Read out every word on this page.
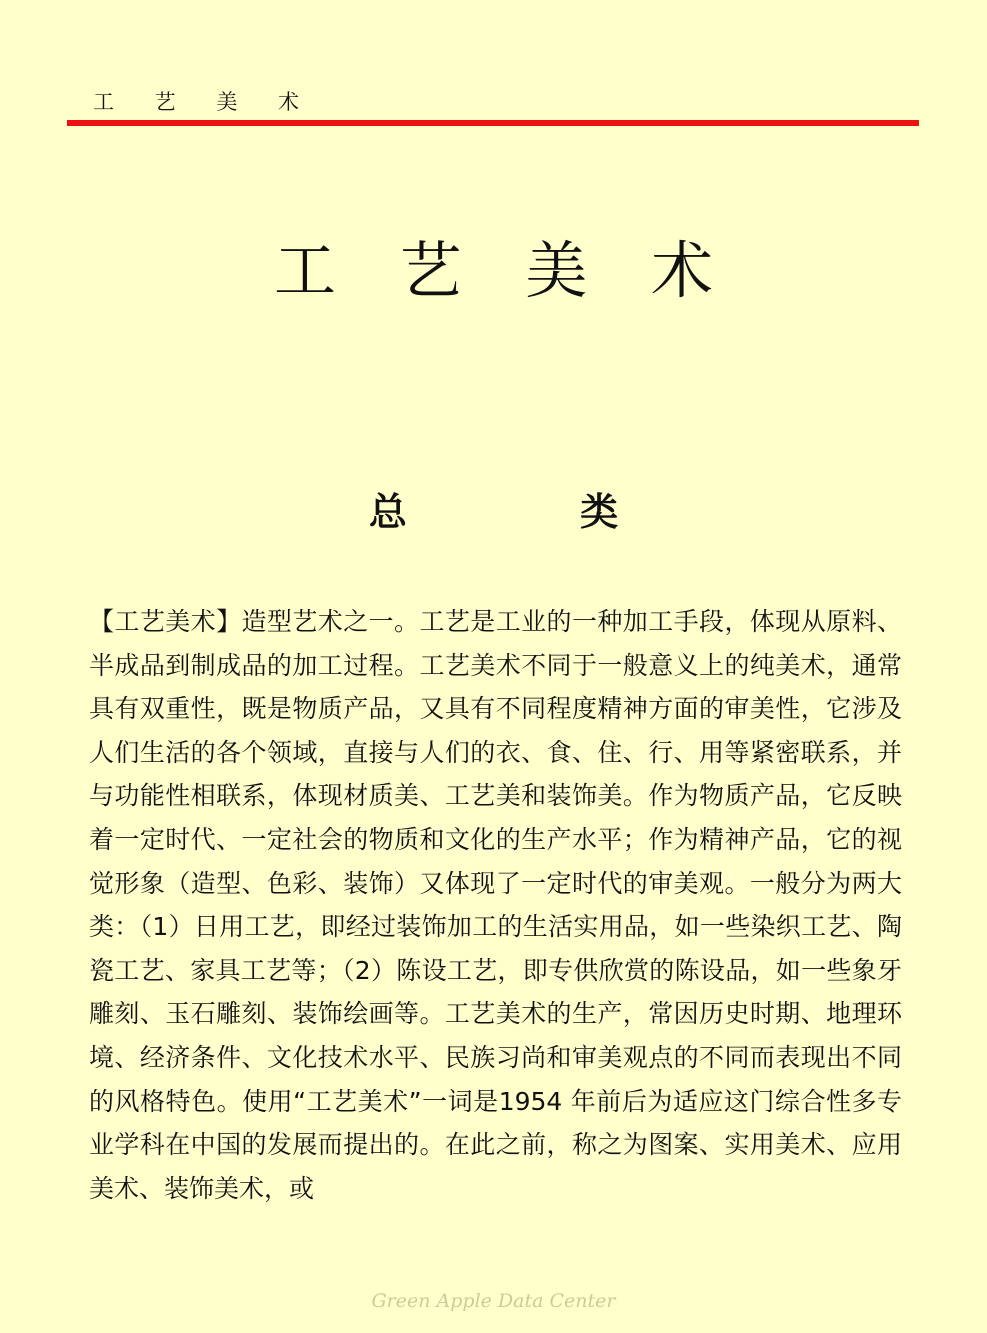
工 艺 美 术
工 艺 美 术
总 类

【工艺美术】造型艺术之一。工艺是工业的一种加工手段，体现从原料、半成品到制成品的加工过程。工艺美术不同于一般意义上的纯美术，通常具有双重性，既是物质产品，又具有不同程度精神方面的审美性，它涉及人们生活的各个领域，直接与人们的衣、食、住、行、用等紧密联系，并与功能性相联系，体现材质美、工艺美和装饰美。作为物质产品，它反映着一定时代、一定社会的物质和文化的生产水平；作为精神产品，它的视觉形象（造型、色彩、装饰）又体现了一定时代的审美观。一般分为两大类：（1）日用工艺，即经过装饰加工的生活实用品，如一些染织工艺、陶瓷工艺、家具工艺等；（2）陈设工艺，即专供欣赏的陈设品，如一些象牙雕刻、玉石雕刻、装饰绘画等。工艺美术的生产，常因历史时期、地理环境、经济条件、文化技术水平、民族习尚和审美观点的不同而表现出不同的风格特色。使用“工艺美术”一词是1954 年前后为适应这门综合性多专业学科在中国的发展而提出的。在此之前，称之为图案、实用美术、应用美术、装饰美术，或

Green Apple Data Center
